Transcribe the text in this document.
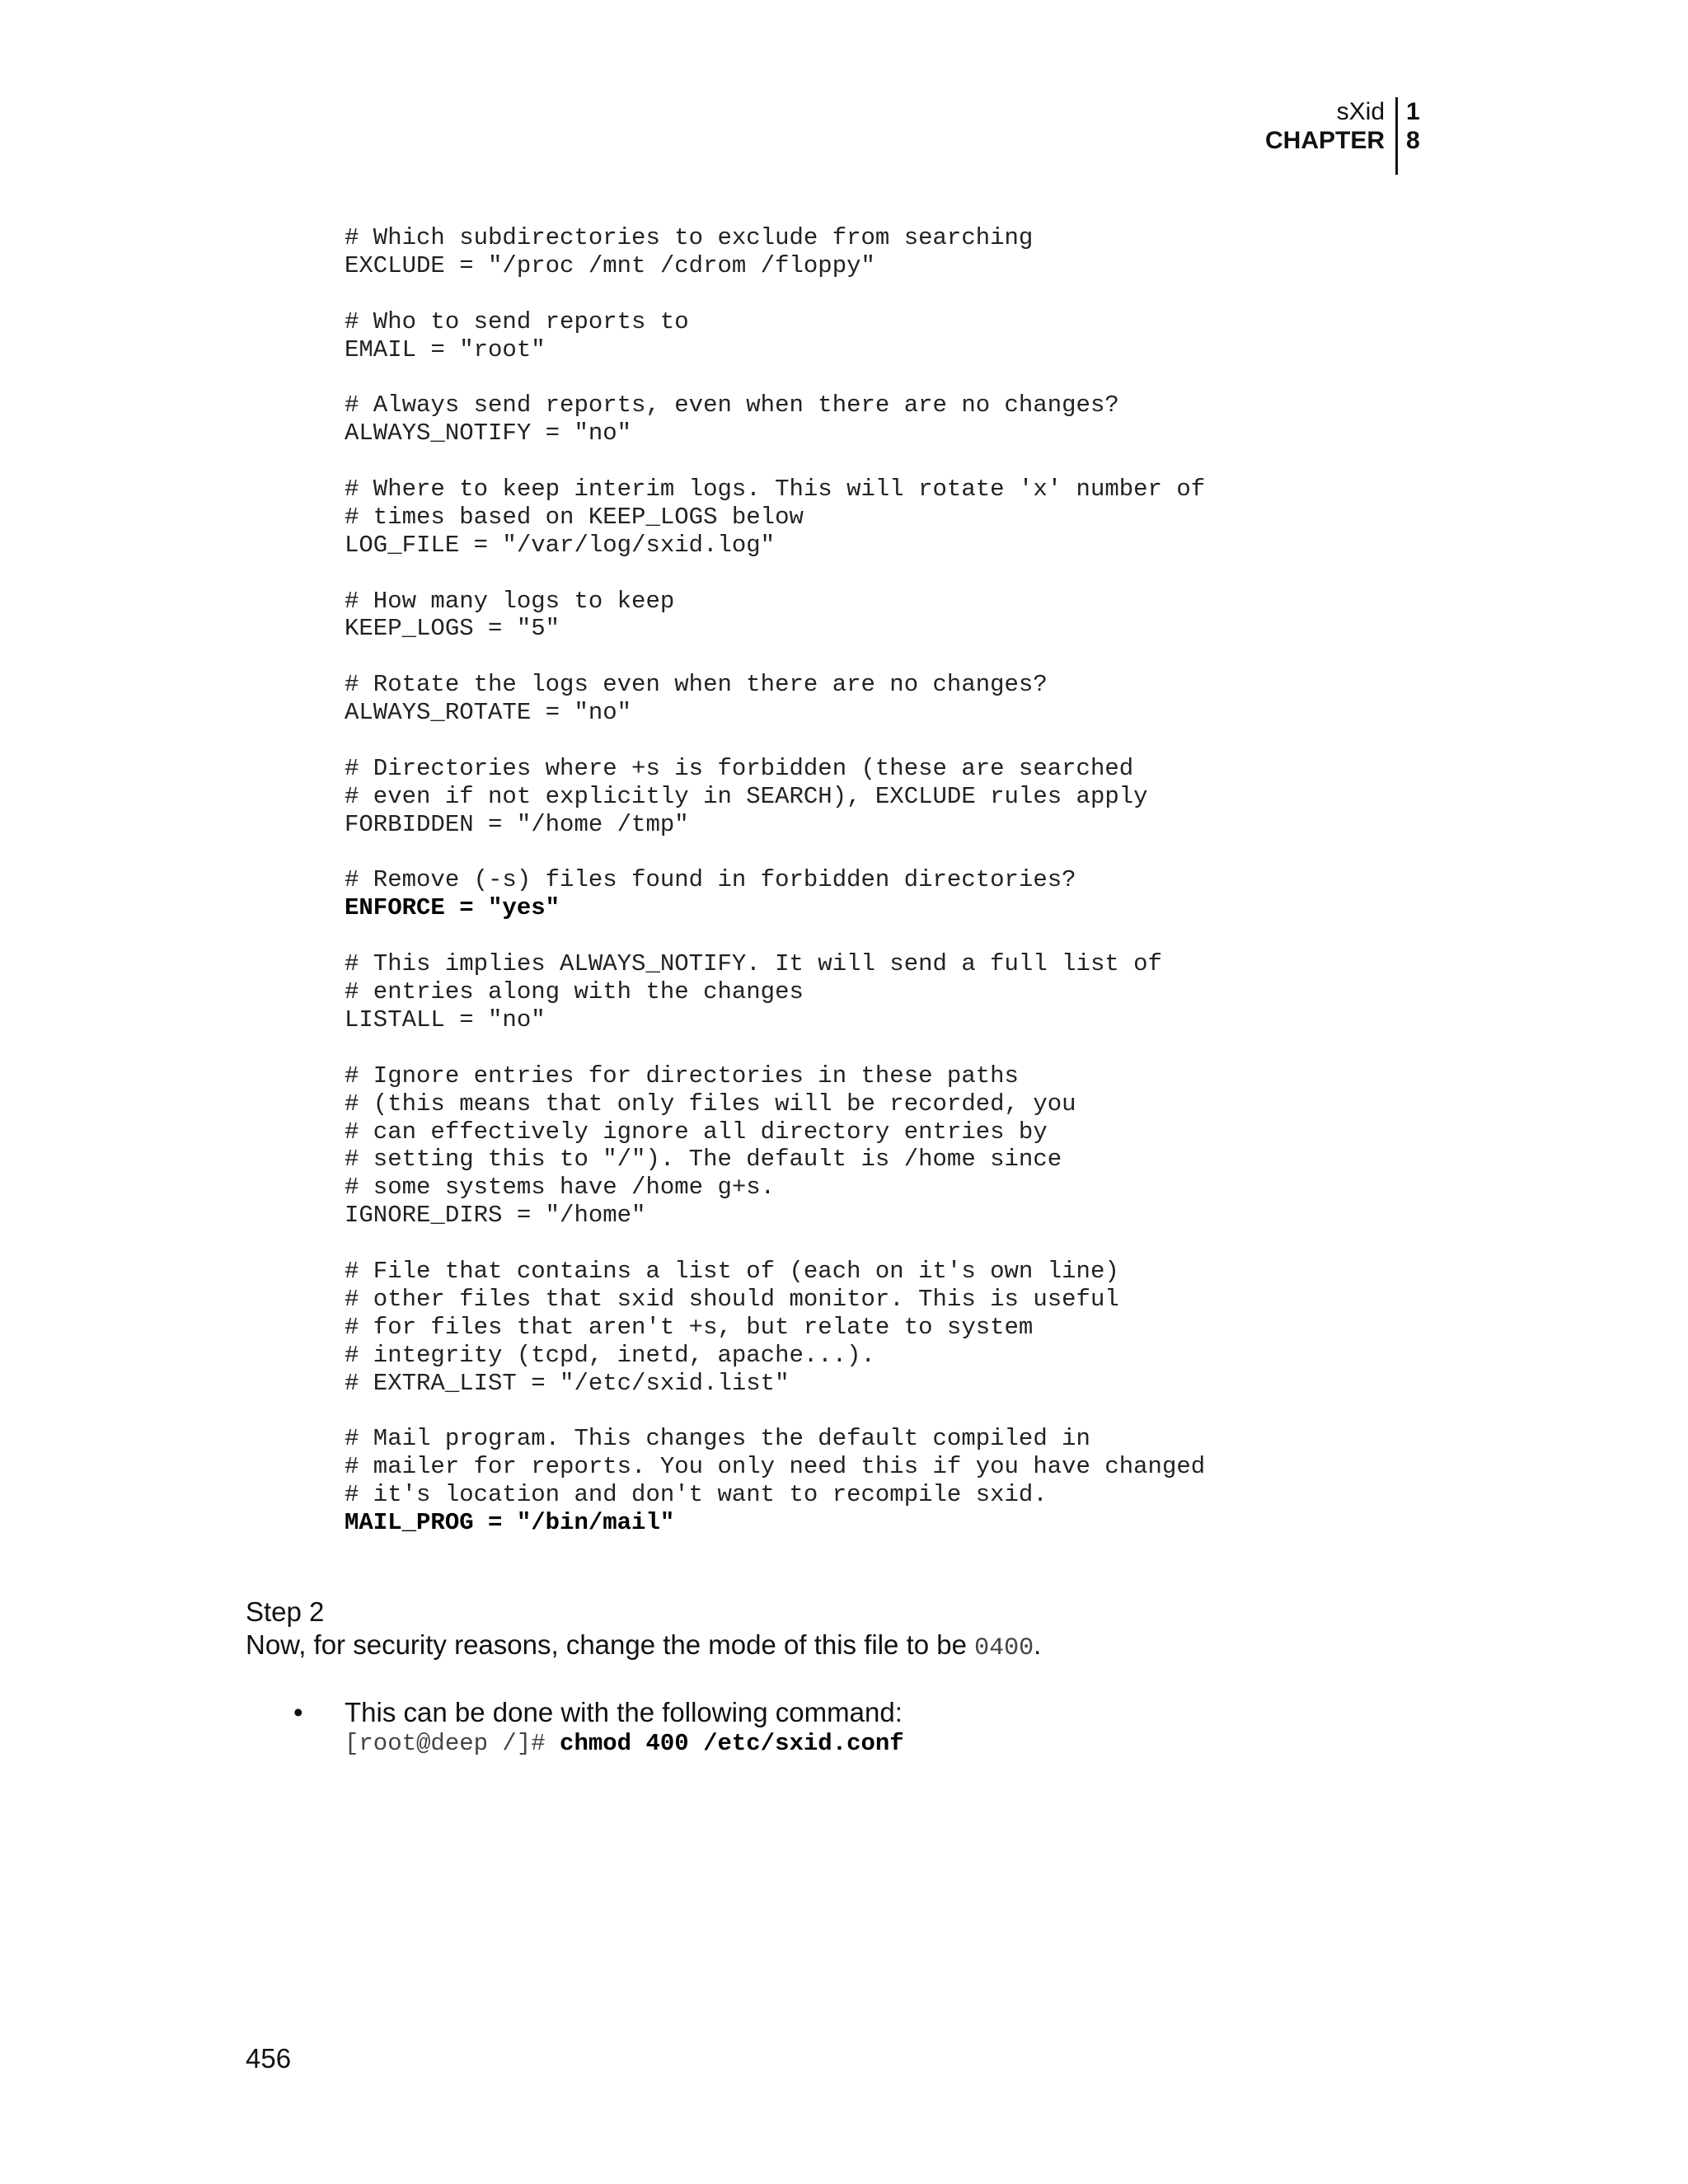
sXid
CHAPTER
1
8
# Which subdirectories to exclude from searching
EXCLUDE = "/proc /mnt /cdrom /floppy"
# Who to send reports to
EMAIL = "root"
# Always send reports, even when there are no changes?
ALWAYS_NOTIFY = "no"
# Where to keep interim logs. This will rotate 'x' number of
# times based on KEEP_LOGS below
LOG_FILE = "/var/log/sxid.log"
# How many logs to keep
KEEP_LOGS = "5"
# Rotate the logs even when there are no changes?
ALWAYS_ROTATE = "no"
# Directories where +s is forbidden (these are searched
# even if not explicitly in SEARCH), EXCLUDE rules apply
FORBIDDEN = "/home /tmp"
# Remove (-s) files found in forbidden directories?
ENFORCE = "yes"
# This implies ALWAYS_NOTIFY. It will send a full list of
# entries along with the changes
LISTALL = "no"
# Ignore entries for directories in these paths
# (this means that only files will be recorded, you
# can effectively ignore all directory entries by
# setting this to "/"). The default is /home since
# some systems have /home g+s.
IGNORE_DIRS = "/home"
# File that contains a list of (each on it's own line)
# other files that sxid should monitor. This is useful
# for files that aren't +s, but relate to system
# integrity (tcpd, inetd, apache...).
# EXTRA_LIST = "/etc/sxid.list"
# Mail program. This changes the default compiled in
# mailer for reports. You only need this if you have changed
# it's location and don't want to recompile sxid.
MAIL_PROG = "/bin/mail"
Step 2
Now, for security reasons, change the mode of this file to be 0400.
• This can be done with the following command:
[root@deep /]# chmod 400 /etc/sxid.conf
456
